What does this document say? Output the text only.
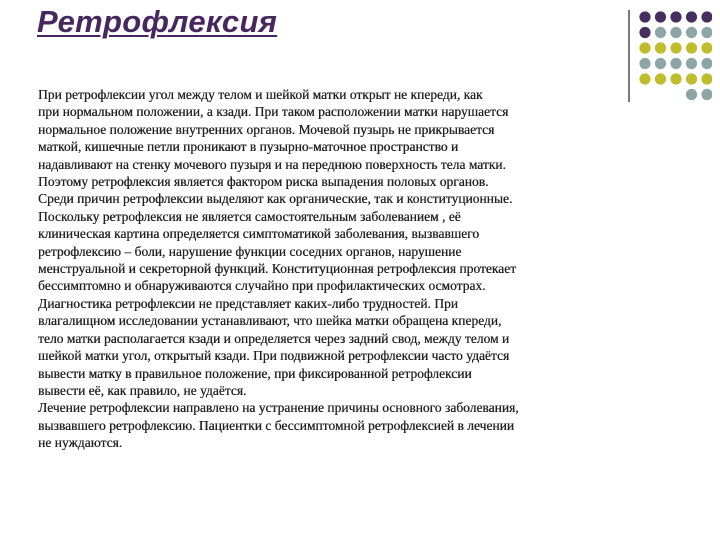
Ретрофлексия
При ретрофлексии угол между телом и шейкой матки открыт не кпереди, как
при нормальном положении, а кзади. При таком расположении матки нарушается
нормальное положение внутренних органов. Мочевой пузырь не прикрывается
маткой, кишечные петли проникают в пузырно-маточное пространство и
надавливают на стенку мочевого пузыря и на переднюю поверхность тела матки.
Поэтому ретрофлексия является фактором риска выпадения половых органов.
Среди причин ретрофлексии выделяют как органические, так и конституционные.
Поскольку ретрофлексия не является самостоятельным заболеванием , её
клиническая картина определяется симптоматикой заболевания, вызвавшего
ретрофлексию – боли, нарушение функции соседних органов, нарушение
менструальной и секреторной функций. Конституционная ретрофлексия протекает
бессимптомно и обнаруживаются случайно при профилактических осмотрах.
Диагностика ретрофлексии не представляет каких-либо трудностей. При
влагалищном исследовании устанавливают, что шейка матки обращена кпереди,
тело матки располагается кзади и определяется через задний свод, между телом и
шейкой матки угол, открытый кзади. При подвижной ретрофлексии часто удаётся
вывести матку в правильное положение, при фиксированной ретрофлексии
вывести её, как правило, не удаётся.
Лечение ретрофлексии направлено на устранение причины основного заболевания,
вызвавшего ретрофлексию. Пациентки с бессимптомной ретрофлексией в лечении
не нуждаются.
